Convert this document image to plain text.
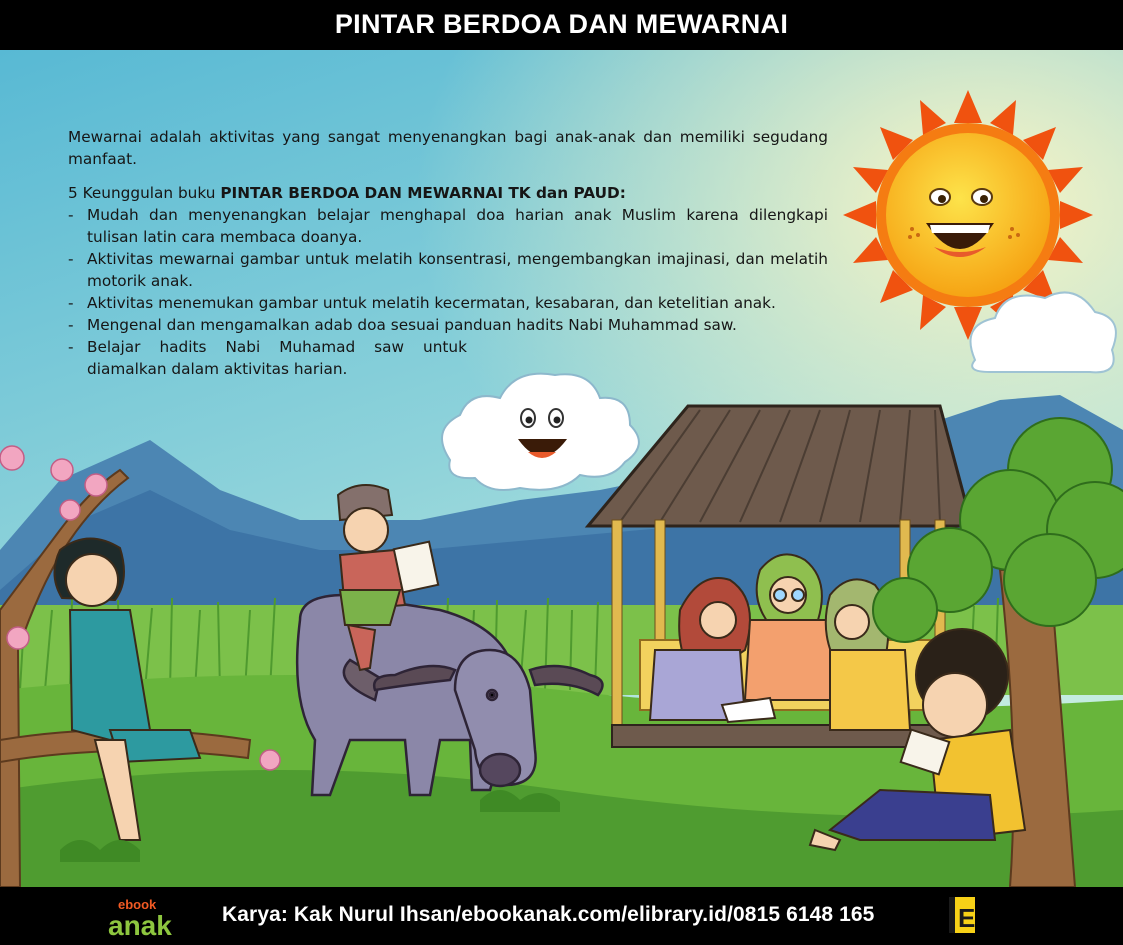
PINTAR BERDOA DAN MEWARNAI

Mewarnai adalah aktivitas yang sangat menyenangkan bagi anak-anak dan memiliki segudang manfaat.

5 Keunggulan buku PINTAR BERDOA DAN MEWARNAI TK dan PAUD:

- Mudah dan menyenangkan belajar menghapal doa harian anak Muslim karena dilengkapi tulisan latin cara membaca doanya.
- Aktivitas mewarnai gambar untuk melatih konsentrasi, mengembangkan imajinasi, dan melatih motorik anak.
- Aktivitas menemukan gambar untuk melatih kecermatan, kesabaran, dan ketelitian anak.
- Mengenal dan mengamalkan adab doa sesuai panduan hadits Nabi Muhammad saw.
- Belajar hadits Nabi Muhamad saw untuk diamalkan dalam aktivitas harian.
ebook
anak Karya: Kak Nurul Ihsan/ebookanak.com/elibrary.id/0815 6148 165	E
